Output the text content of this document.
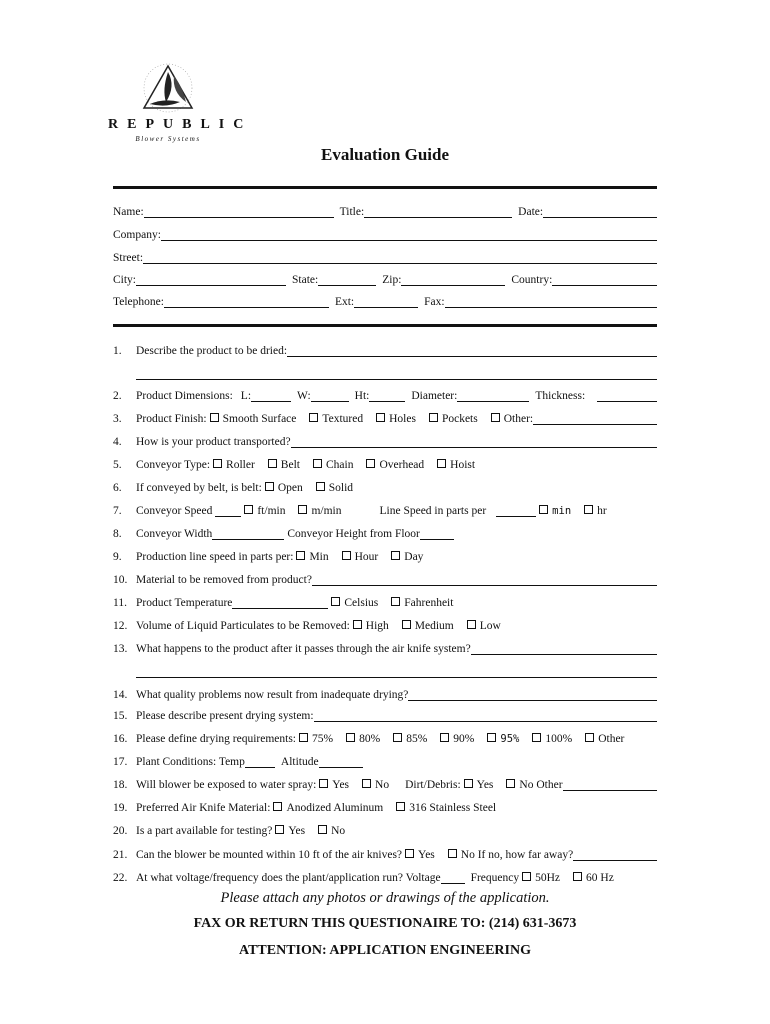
REPUBLIC
Blower Systems
Evaluation Guide
Name:	Title:	Date:
Company:
Street:
City:	State:	Zip:	Country:
Telephone:	Ext:	Fax:
1.	Describe the product to be dried:
2.	Product Dimensions: L:	W:	Ht:	Diameter:	Thickness:
3.	Product Finish:	Smooth Surface	Textured	Holes	Pockets	Other:
4.	How is your product transported?
5.	Conveyor Type:	Roller	Belt	Chain	Overhead	Hoist
6.	If conveyed by belt, is belt:	Open	Solid
7.	Conveyor Speed	ft/min	m/min	Line Speed in parts per	min	hr
8.	Conveyor Width	Conveyor Height from Floor
9.	Production line speed in parts per:	Min	Hour	Day
10. Material to be removed from product?
11. Product Temperature	Celsius	Fahrenheit
12. Volume of Liquid Particulates to be Removed:	High	Medium	Low
13. What happens to the product after it passes through the air knife system?
14. What quality problems now result from inadequate drying?
15. Please describe present drying system:
16. Please define drying requirements:	75%	80%	85%	90%	95%	100%	Other
17. Plant Conditions: Temp	Altitude
18. Will blower be exposed to water spray:	Yes	No Dirt/Debris:	Yes	No Other
19. Preferred Air Knife Material:	Anodized Aluminum	316 Stainless Steel
20. Is a part available for testing?	Yes	No
21. Can the blower be mounted within 10 ft of the air knives?	Yes	No If no, how far away?
22. At what voltage/frequency does the plant/application run? Voltage	Frequency	50Hz	60 Hz
Please attach any photos or drawings of the application.
FAX OR RETURN THIS QUESTIONAIRE TO: (214) 631-3673
ATTENTION: APPLICATION ENGINEERING
